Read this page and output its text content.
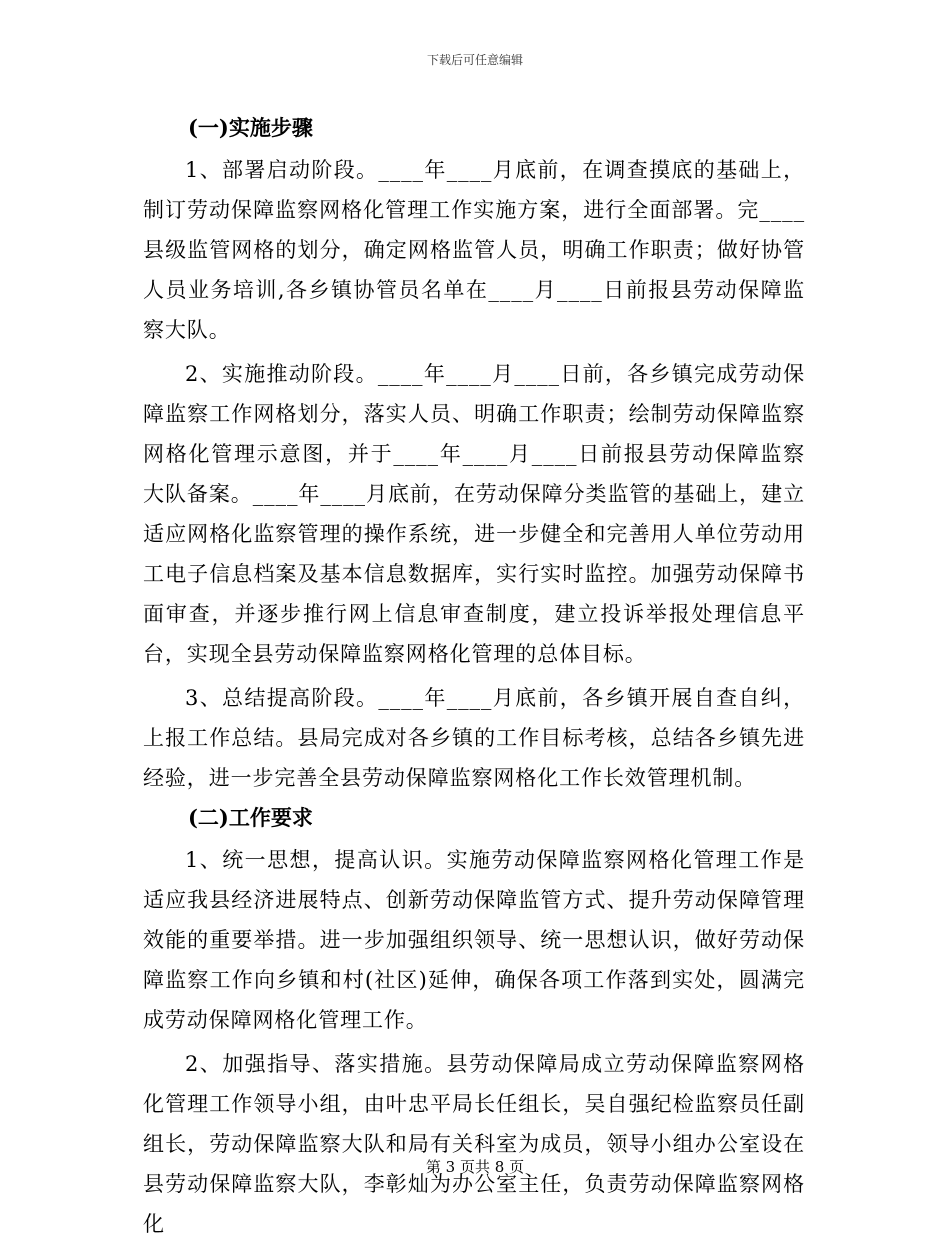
下载后可任意编辑
(一)实施步骤

1、部署启动阶段。____年____月底前，在调查摸底的基础上，制订劳动保障监察网格化管理工作实施方案，进行全面部署。完____县级监管网格的划分，确定网格监管人员，明确工作职责；做好协管人员业务培训,各乡镇协管员名单在____月____日前报县劳动保障监察大队。

2、实施推动阶段。____年____月____日前，各乡镇完成劳动保障监察工作网格划分，落实人员、明确工作职责；绘制劳动保障监察网格化管理示意图，并于____年____月____日前报县劳动保障监察大队备案。____年____月底前，在劳动保障分类监管的基础上，建立适应网格化监察管理的操作系统，进一步健全和完善用人单位劳动用工电子信息档案及基本信息数据库，实行实时监控。加强劳动保障书面审查，并逐步推行网上信息审查制度，建立投诉举报处理信息平台，实现全县劳动保障监察网格化管理的总体目标。

3、总结提高阶段。____年____月底前，各乡镇开展自查自纠，上报工作总结。县局完成对各乡镇的工作目标考核，总结各乡镇先进经验，进一步完善全县劳动保障监察网格化工作长效管理机制。

(二)工作要求

1、统一思想，提高认识。实施劳动保障监察网格化管理工作是适应我县经济进展特点、创新劳动保障监管方式、提升劳动保障管理效能的重要举措。进一步加强组织领导、统一思想认识，做好劳动保障监察工作向乡镇和村(社区)延伸，确保各项工作落到实处，圆满完成劳动保障网格化管理工作。

2、加强指导、落实措施。县劳动保障局成立劳动保障监察网格化管理工作领导小组，由叶忠平局长任组长，吴自强纪检监察员任副组长，劳动保障监察大队和局有关科室为成员，领导小组办公室设在县劳动保障监察大队，李彰灿为办公室主任，负责劳动保障监察网格化

第 3 页共 8 页
